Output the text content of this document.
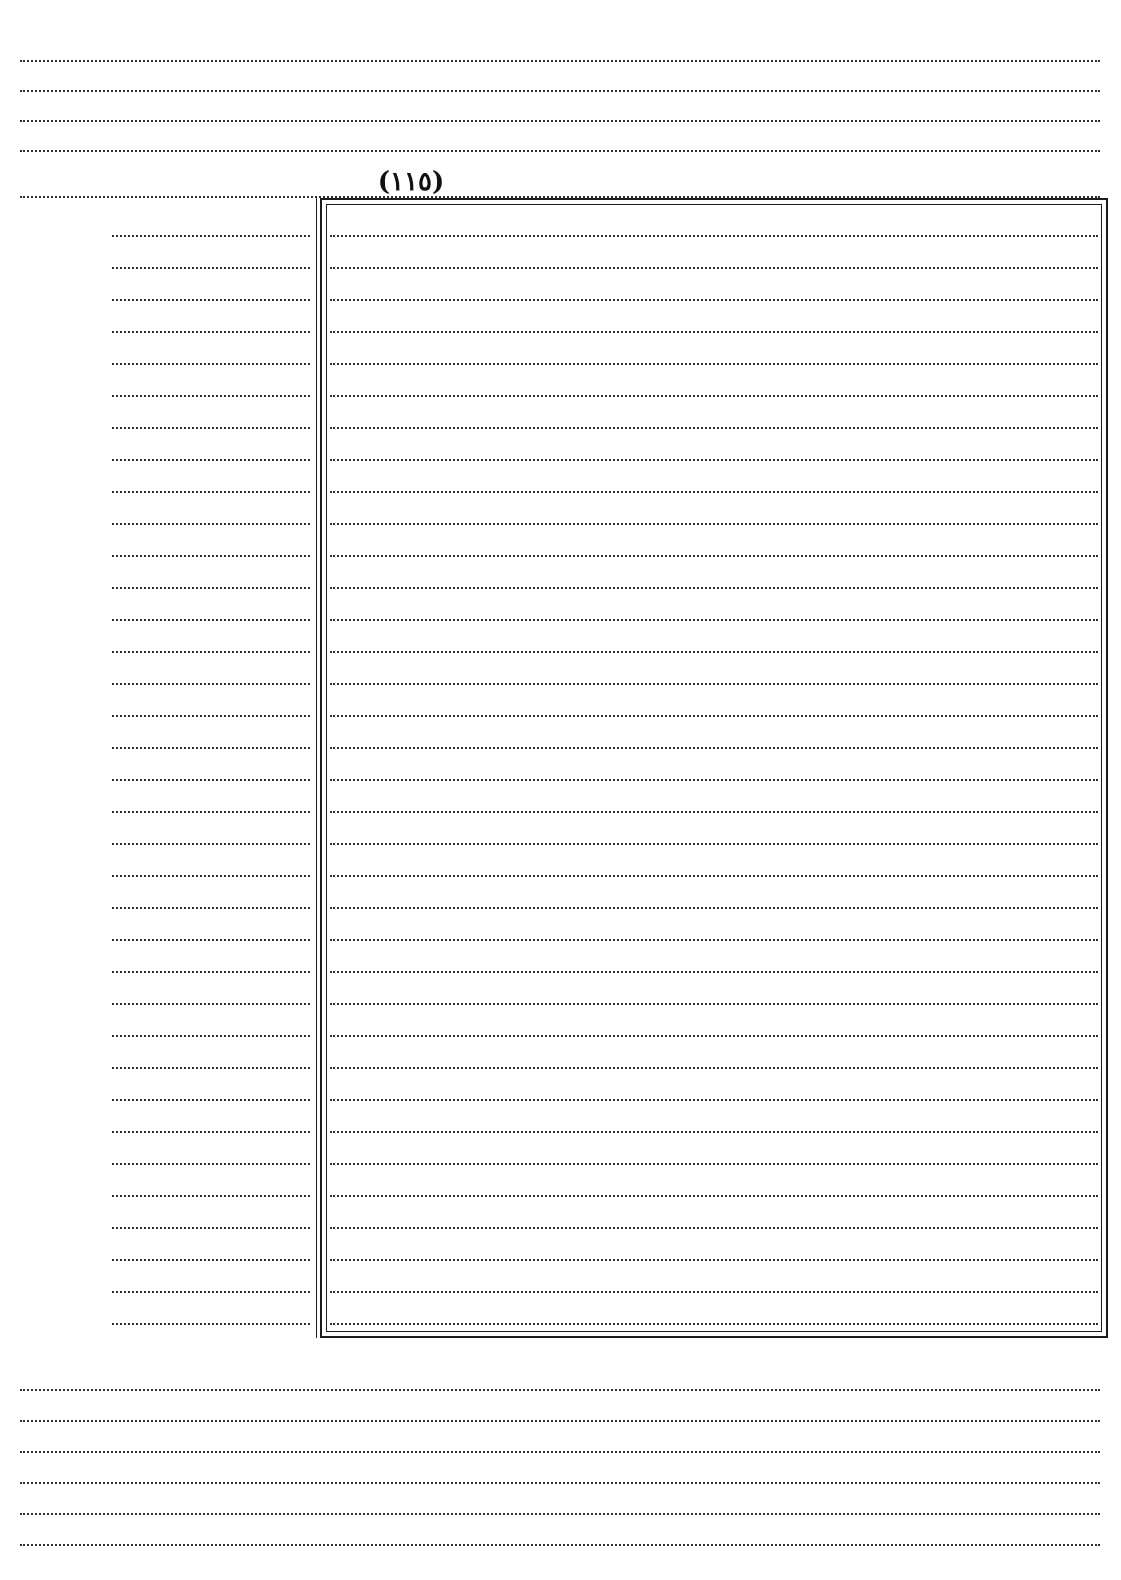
( ١١٥ )
